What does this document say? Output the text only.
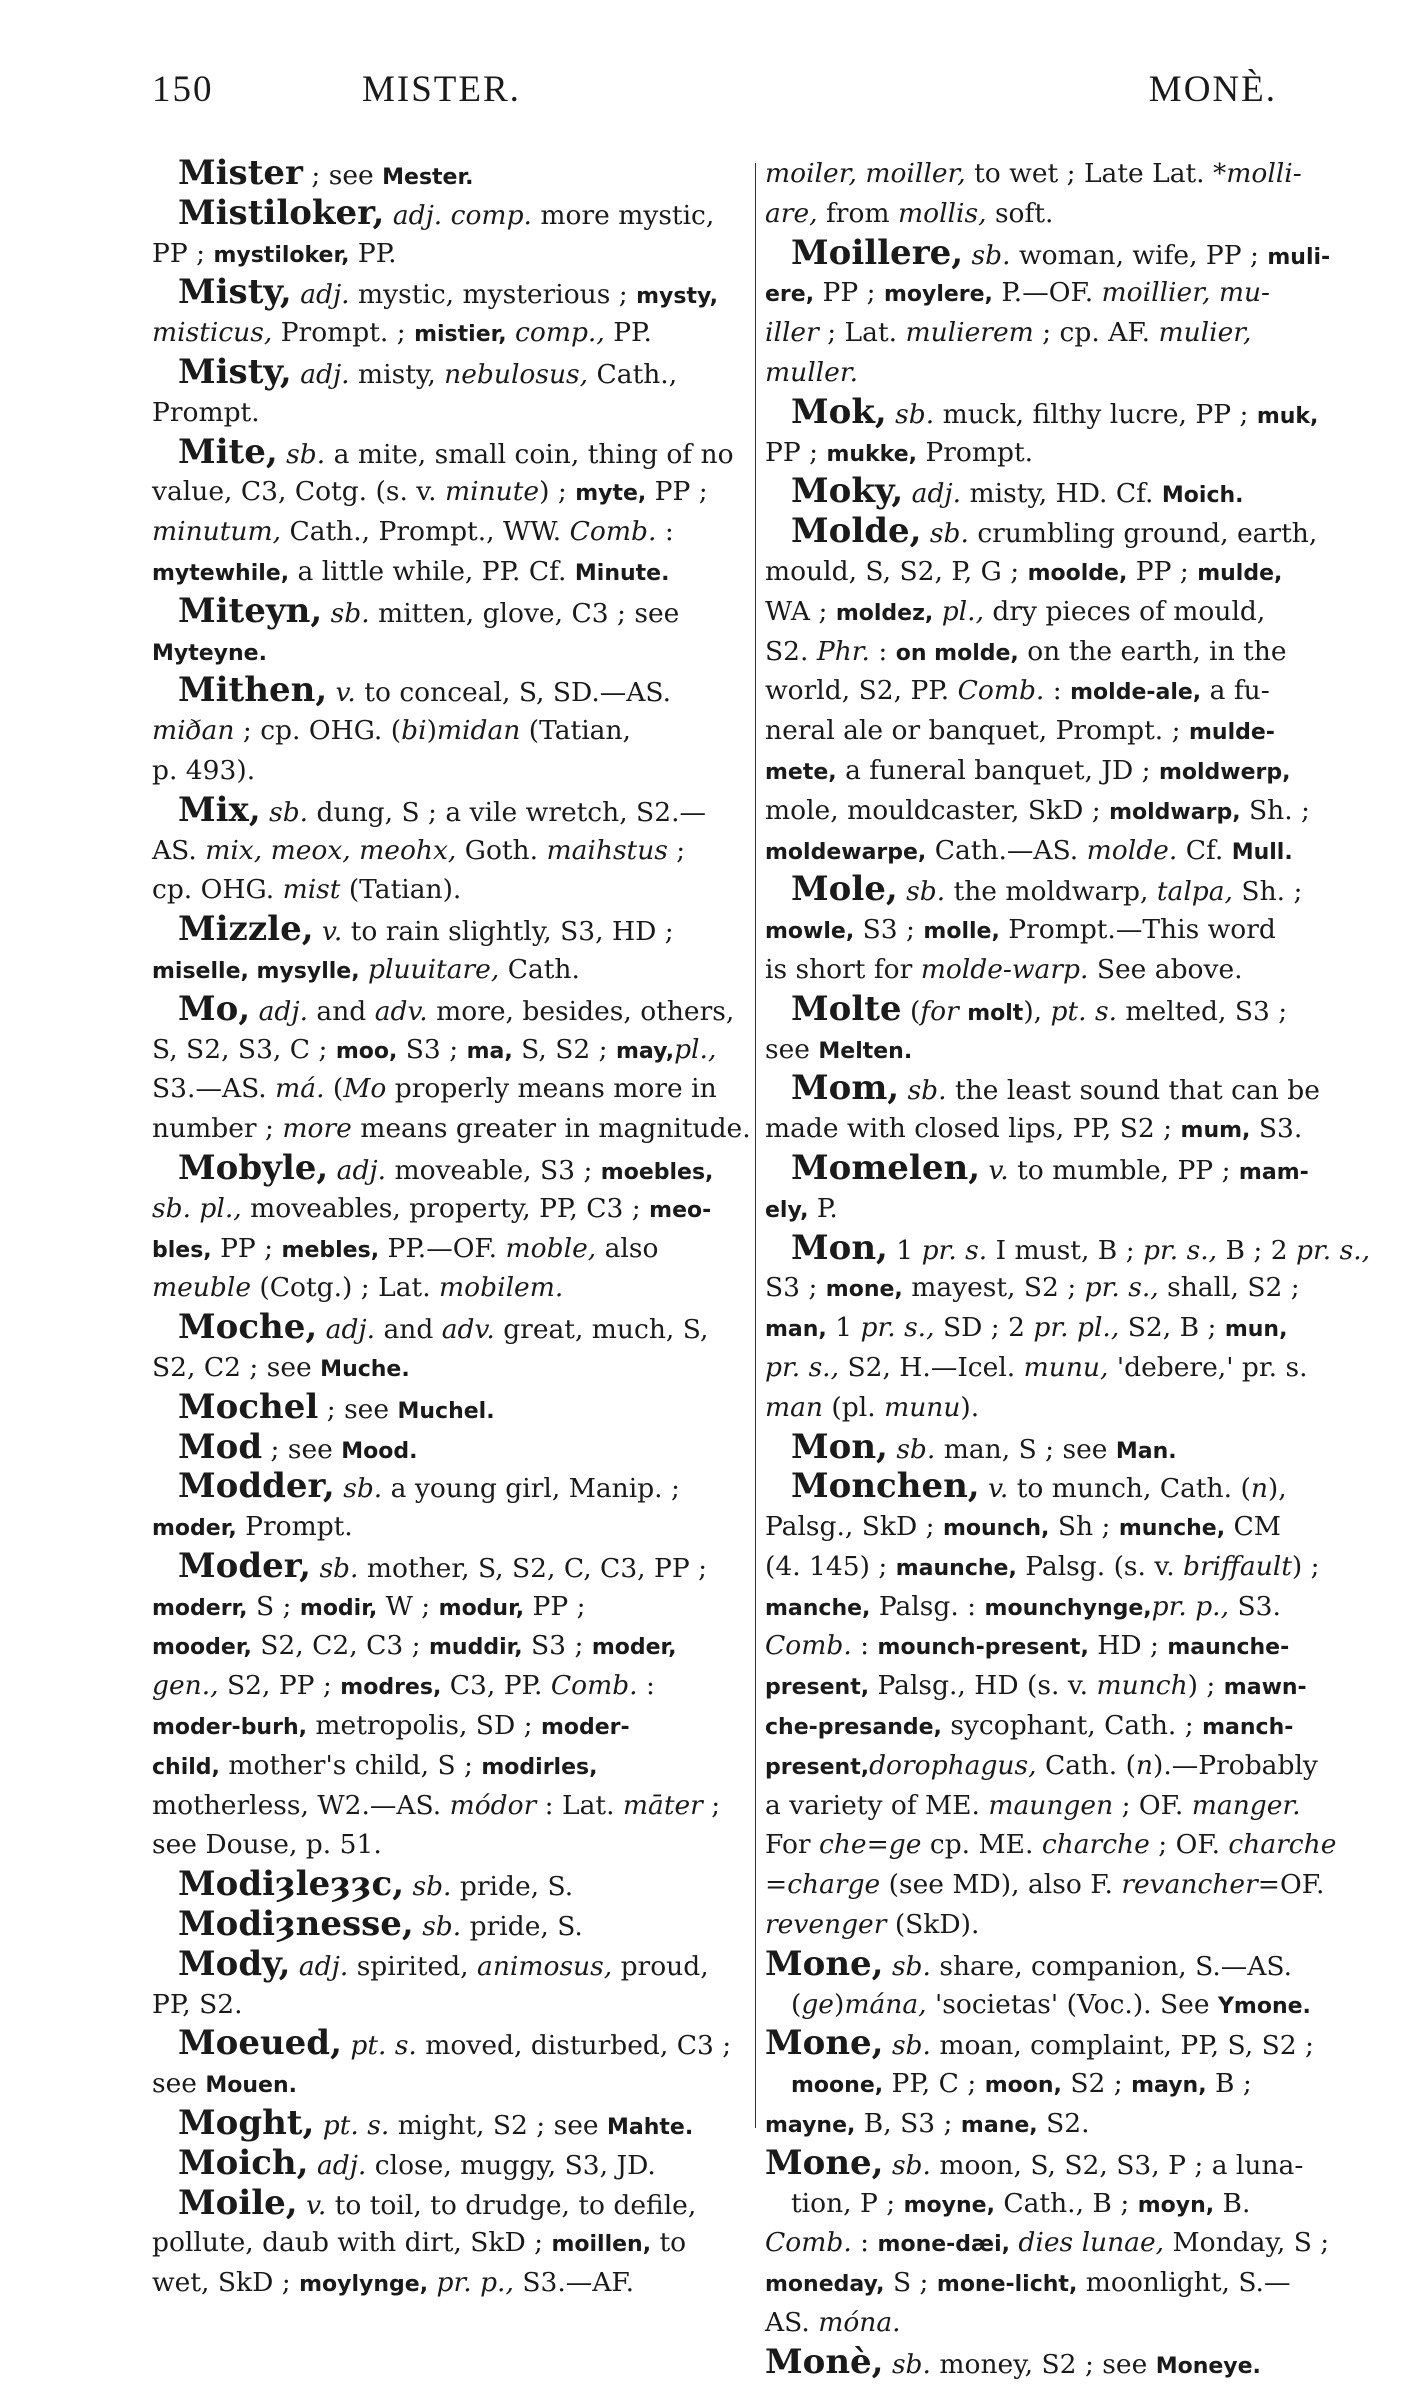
150	MISTER.	MONÈ.
Mister ; see Mester.
Mistiloker, adj. comp. more mystic,
PP ; mystiloker, PP.
Misty, adj. mystic, mysterious ; mysty,
misticus, Prompt. ; mistier, comp., PP.
Misty, adj. misty, nebulosus, Cath.,
Prompt.
Mite, sb. a mite, small coin, thing of no
value, C3, Cotg. (s. v. minute) ; myte, PP ;
minutum, Cath., Prompt., WW. Comb. :
mytewhile, a little while, PP. Cf. Minute.
Miteyn, sb. mitten, glove, C3 ; see
Myteyne.
Mithen, v. to conceal, S, SD.—AS.
miðan ; cp. OHG. (bi)midan (Tatian,
p. 493).
Mix, sb. dung, S ; a vile wretch, S2.—
AS. mix, meox, meohx, Goth. maihstus ;
cp. OHG. mist (Tatian).
Mizzle, v. to rain slightly, S3, HD ;
miselle, mysylle, pluuitare, Cath.
Mo, adj. and adv. more, besides, others,
S, S2, S3, C ; moo, S3 ; ma, S, S2 ; may,pl.,
S3.—AS. má. (Mo properly means more in
number ; more means greater in magnitude.
Mobyle, adj. moveable, S3 ; moebles,
sb. pl., moveables, property, PP, C3 ; meo-
bles, PP ; mebles, PP.—OF. moble, also
meuble (Cotg.) ; Lat. mobilem.
Moche, adj. and adv. great, much, S,
S2, C2 ; see Muche.
Mochel ; see Muchel.
Mod ; see Mood.
Modder, sb. a young girl, Manip. ;
moder, Prompt.
Moder, sb. mother, S, S2, C, C3, PP ;
moderr, S ; modir, W ; modur, PP ;
mooder, S2, C2, C3 ; muddir, S3 ; moder,
gen., S2, PP ; modres, C3, PP. Comb. :
moder-burh, metropolis, SD ; moder-
child, mother's child, S ; modirles,
motherless, W2.—AS. módor : Lat. māter ;
see Douse, p. 51.
Modiȝleȝȝc, sb. pride, S.
Modiȝnesse, sb. pride, S.
Mody, adj. spirited, animosus, proud,
PP, S2.
Moeued, pt. s. moved, disturbed, C3 ;
see Mouen.
Moght, pt. s. might, S2 ; see Mahte.
Moich, adj. close, muggy, S3, JD.
Moile, v. to toil, to drudge, to defile,
pollute, daub with dirt, SkD ; moillen, to
wet, SkD ; moylynge, pr. p., S3.—AF.
moiler, moiller, to wet ; Late Lat. *molli-
are, from mollis, soft.
Moillere, sb. woman, wife, PP ; muli-
ere, PP ; moylere, P.—OF. moillier, mu-
iller ; Lat. mulierem ; cp. AF. mulier,
muller.
Mok, sb. muck, filthy lucre, PP ; muk,
PP ; mukke, Prompt.
Moky, adj. misty, HD. Cf. Moich.
Molde, sb. crumbling ground, earth,
mould, S, S2, P, G ; moolde, PP ; mulde,
WA ; moldez, pl., dry pieces of mould,
S2. Phr. : on molde, on the earth, in the
world, S2, PP. Comb. : molde-ale, a fu-
neral ale or banquet, Prompt. ; mulde-
mete, a funeral banquet, JD ; moldwerp,
mole, mouldcaster, SkD ; moldwarp, Sh. ;
moldewarpe, Cath.—AS. molde. Cf. Mull.
Mole, sb. the moldwarp, talpa, Sh. ;
mowle, S3 ; molle, Prompt.—This word
is short for molde-warp. See above.
Molte (for molt), pt. s. melted, S3 ;
see Melten.
Mom, sb. the least sound that can be
made with closed lips, PP, S2 ; mum, S3.
Momelen, v. to mumble, PP ; mam-
ely, P.
Mon, 1 pr. s. I must, B ; pr. s., B ; 2 pr. s.,
S3 ; mone, mayest, S2 ; pr. s., shall, S2 ;
man, 1 pr. s., SD ; 2 pr. pl., S2, B ; mun,
pr. s., S2, H.—Icel. munu, 'debere,' pr. s.
man (pl. munu).
Mon, sb. man, S ; see Man.
Monchen, v. to munch, Cath. (n),
Palsg., SkD ; mounch, Sh ; munche, CM
(4. 145) ; maunche, Palsg. (s. v. briffault) ;
manche, Palsg. : mounchynge,pr. p., S3.
Comb. : mounch-present, HD ; maunche-
present, Palsg., HD (s. v. munch) ; mawn-
che-presande, sycophant, Cath. ; manch-
present,dorophagus, Cath. (n).—Probably
a variety of ME. maungen ; OF. manger.
For che=ge cp. ME. charche ; OF. charche
=charge (see MD), also F. revancher=OF.
revenger (SkD).
Mone, sb. share, companion, S.—AS.
(ge)mána, 'societas' (Voc.). See Ymone.
Mone, sb. moan, complaint, PP, S, S2 ;
moone, PP, C ; moon, S2 ; mayn, B ;
mayne, B, S3 ; mane, S2.
Mone, sb. moon, S, S2, S3, P ; a luna-
tion, P ; moyne, Cath., B ; moyn, B.
Comb. : mone-dæi, dies lunae, Monday, S ;
moneday, S ; mone-licht, moonlight, S.—
AS. móna.
Monè, sb. money, S2 ; see Moneye.
